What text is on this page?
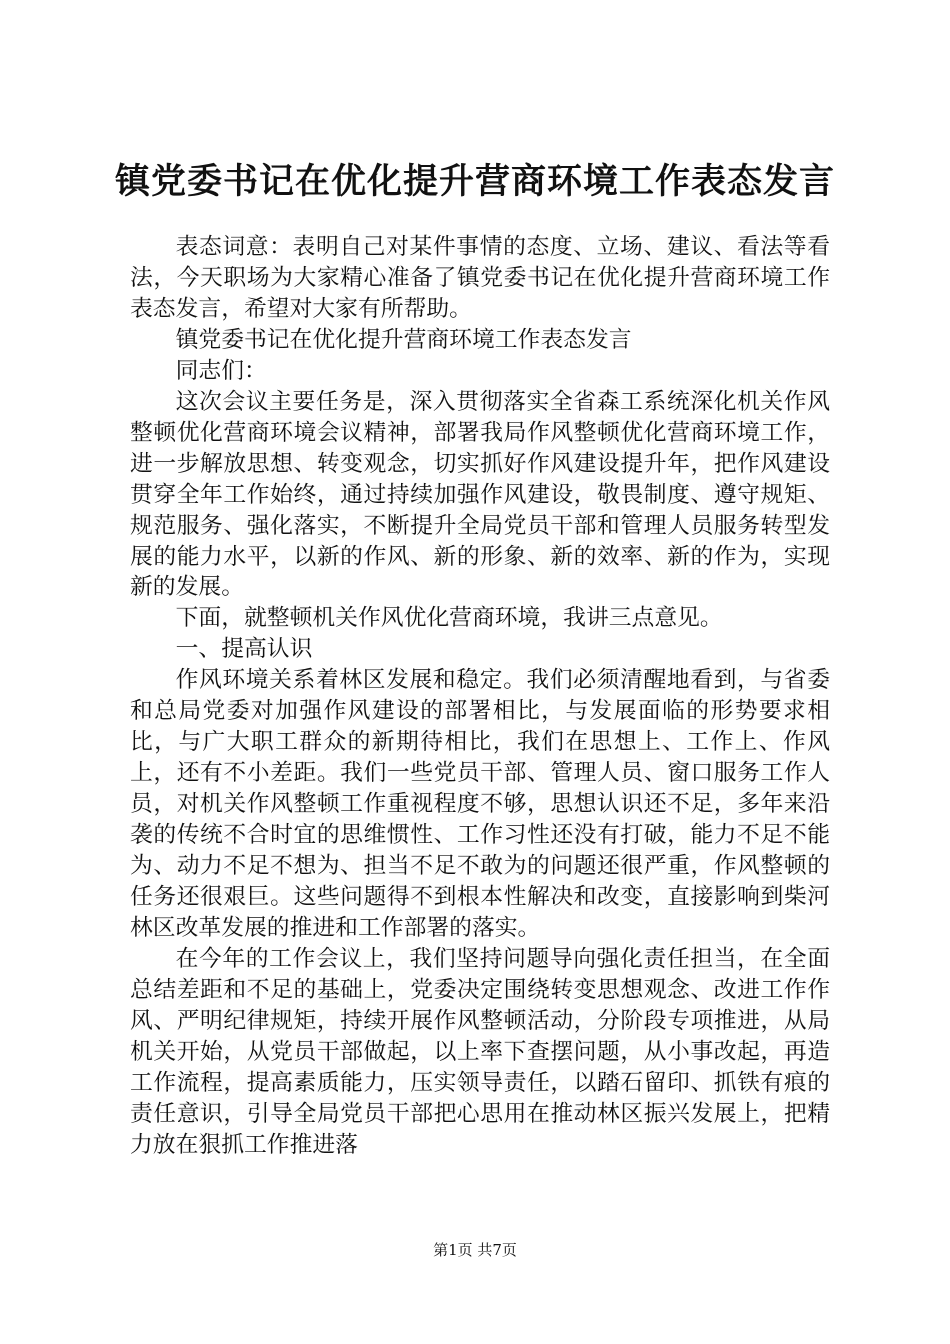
镇党委书记在优化提升营商环境工作表态发言

表态词意：表明自己对某件事情的态度、立场、建议、看法等看法，今天职场为大家精心准备了镇党委书记在优化提升营商环境工作表态发言，希望对大家有所帮助。

镇党委书记在优化提升营商环境工作表态发言

同志们：

这次会议主要任务是，深入贯彻落实全省森工系统深化机关作风整顿优化营商环境会议精神，部署我局作风整顿优化营商环境工作，进一步解放思想、转变观念，切实抓好作风建设提升年，把作风建设贯穿全年工作始终，通过持续加强作风建设，敬畏制度、遵守规矩、规范服务、强化落实，不断提升全局党员干部和管理人员服务转型发展的能力水平，以新的作风、新的形象、新的效率、新的作为，实现新的发展。

下面，就整顿机关作风优化营商环境，我讲三点意见。

一、提高认识

作风环境关系着林区发展和稳定。我们必须清醒地看到，与省委和总局党委对加强作风建设的部署相比，与发展面临的形势要求相比，与广大职工群众的新期待相比，我们在思想上、工作上、作风上，还有不小差距。我们一些党员干部、管理人员、窗口服务工作人员，对机关作风整顿工作重视程度不够，思想认识还不足，多年来沿袭的传统不合时宜的思维惯性、工作习性还没有打破，能力不足不能为、动力不足不想为、担当不足不敢为的问题还很严重，作风整顿的任务还很艰巨。这些问题得不到根本性解决和改变，直接影响到柴河林区改革发展的推进和工作部署的落实。

在今年的工作会议上，我们坚持问题导向强化责任担当，在全面总结差距和不足的基础上，党委决定围绕转变思想观念、改进工作作风、严明纪律规矩，持续开展作风整顿活动，分阶段专项推进，从局机关开始，从党员干部做起，以上率下查摆问题，从小事改起，再造工作流程，提高素质能力，压实领导责任，以踏石留印、抓铁有痕的责任意识，引导全局党员干部把心思用在推动林区振兴发展上，把精力放在狠抓工作推进落

第1页 共7页
